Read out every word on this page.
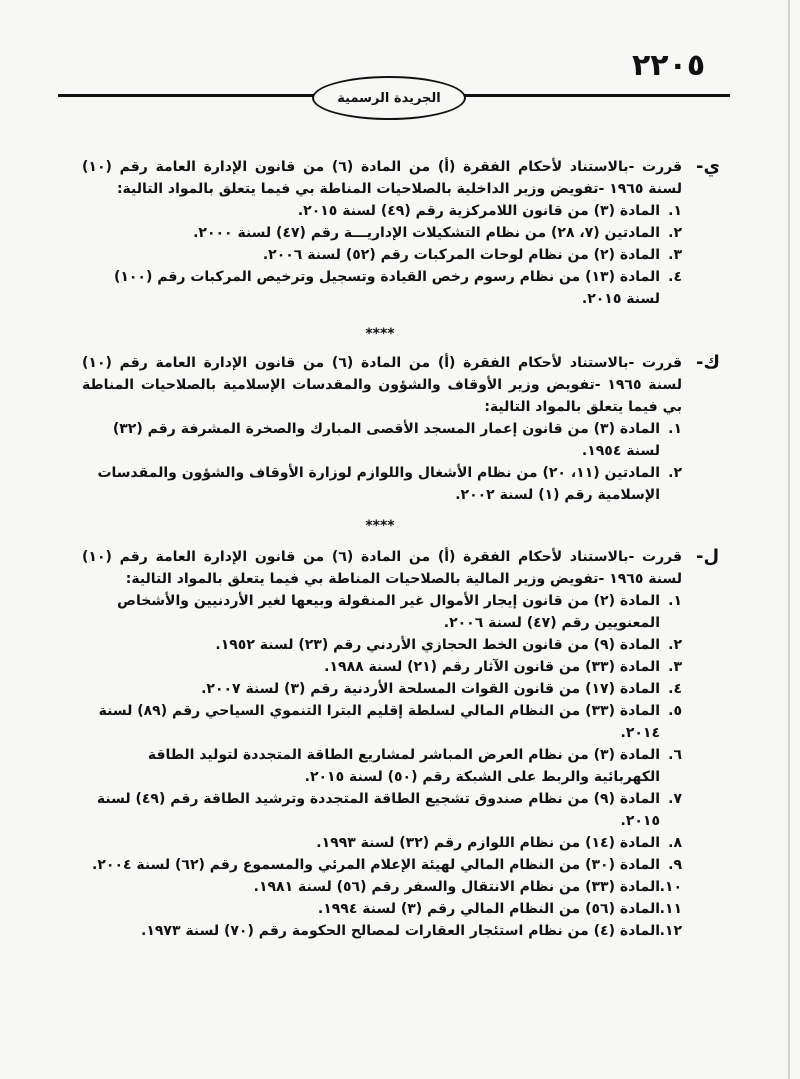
٢٢٠٥
الجريدة الرسمية
ي-

قررت -بالاستناد لأحكام الفقرة (أ) من المادة (٦) من قانون الإدارة العامة رقم (١٠) لسنة ١٩٦٥ -تفويض وزير الداخلية بالصلاحيات المناطة بي فيما يتعلق بالمواد التالية:

١.
المادة (٣) من قانون اللامركزية رقم (٤٩) لسنة ٢٠١٥.
٢.
المادتين (٧، ٢٨) من نظام التشكيلات الإداريـــة رقم (٤٧) لسنة ٢٠٠٠.
٣.
المادة (٢) من نظام لوحات المركبات رقم (٥٢) لسنة ٢٠٠٦.
٤.
المادة (١٣) من نظام رسوم رخص القيادة وتسجيل وترخيص المركبات رقم (١٠٠) لسنة ٢٠١٥.
****
ك-

قررت -بالاستناد لأحكام الفقرة (أ) من المادة (٦) من قانون الإدارة العامة رقم (١٠) لسنة ١٩٦٥ -تفويض وزير الأوقاف والشؤون والمقدسات الإسلامية بالصلاحيات المناطة بي فيما يتعلق بالمواد التالية:

١.
المادة (٣) من قانون إعمار المسجد الأقصى المبارك والصخرة المشرفة رقم (٣٢) لسنة ١٩٥٤.
٢.
المادتين (١١، ٢٠) من نظام الأشغال واللوازم لوزارة الأوقاف والشؤون والمقدسات الإسلامية رقم (١) لسنة ٢٠٠٢.
****
ل-

قررت -بالاستناد لأحكام الفقرة (أ) من المادة (٦) من قانون الإدارة العامة رقم (١٠) لسنة ١٩٦٥ -تفويض وزير المالية بالصلاحيات المناطة بي فيما يتعلق بالمواد التالية:

١.
المادة (٢) من قانون إيجار الأموال غير المنقولة وبيعها لغير الأردنيين والأشخاص المعنويين رقم (٤٧) لسنة ٢٠٠٦.
٢.
المادة (٩) من قانون الخط الحجازي الأردني رقم (٢٣) لسنة ١٩٥٢.
٣.
المادة (٣٣) من قانون الآثار رقم (٢١) لسنة ١٩٨٨.
٤.
المادة (١٧) من قانون القوات المسلحة الأردنية رقم (٣) لسنة ٢٠٠٧.
٥.
المادة (٣٣) من النظام المالي لسلطة إقليم البترا التنموي السياحي رقم (٨٩) لسنة ٢٠١٤.
٦.
المادة (٣) من نظام العرض المباشر لمشاريع الطاقة المتجددة لتوليد الطاقة الكهربائية والربط على الشبكة رقم (٥٠) لسنة ٢٠١٥.
٧.
المادة (٩) من نظام صندوق تشجيع الطاقة المتجددة وترشيد الطاقة رقم (٤٩) لسنة ٢٠١٥.
٨.
المادة (١٤) من نظام اللوازم رقم (٣٢) لسنة ١٩٩٣.
٩.
المادة (٣٠) من النظام المالي لهيئة الإعلام المرئي والمسموع رقم (٦٢) لسنة ٢٠٠٤.
١٠.
المادة (٣٣) من نظام الانتقال والسفر رقم (٥٦) لسنة ١٩٨١.
١١.
المادة (٥٦) من النظام المالي رقم (٣) لسنة ١٩٩٤.
١٢.
المادة (٤) من نظام استئجار العقارات لمصالح الحكومة رقم (٧٠) لسنة ١٩٧٣.
